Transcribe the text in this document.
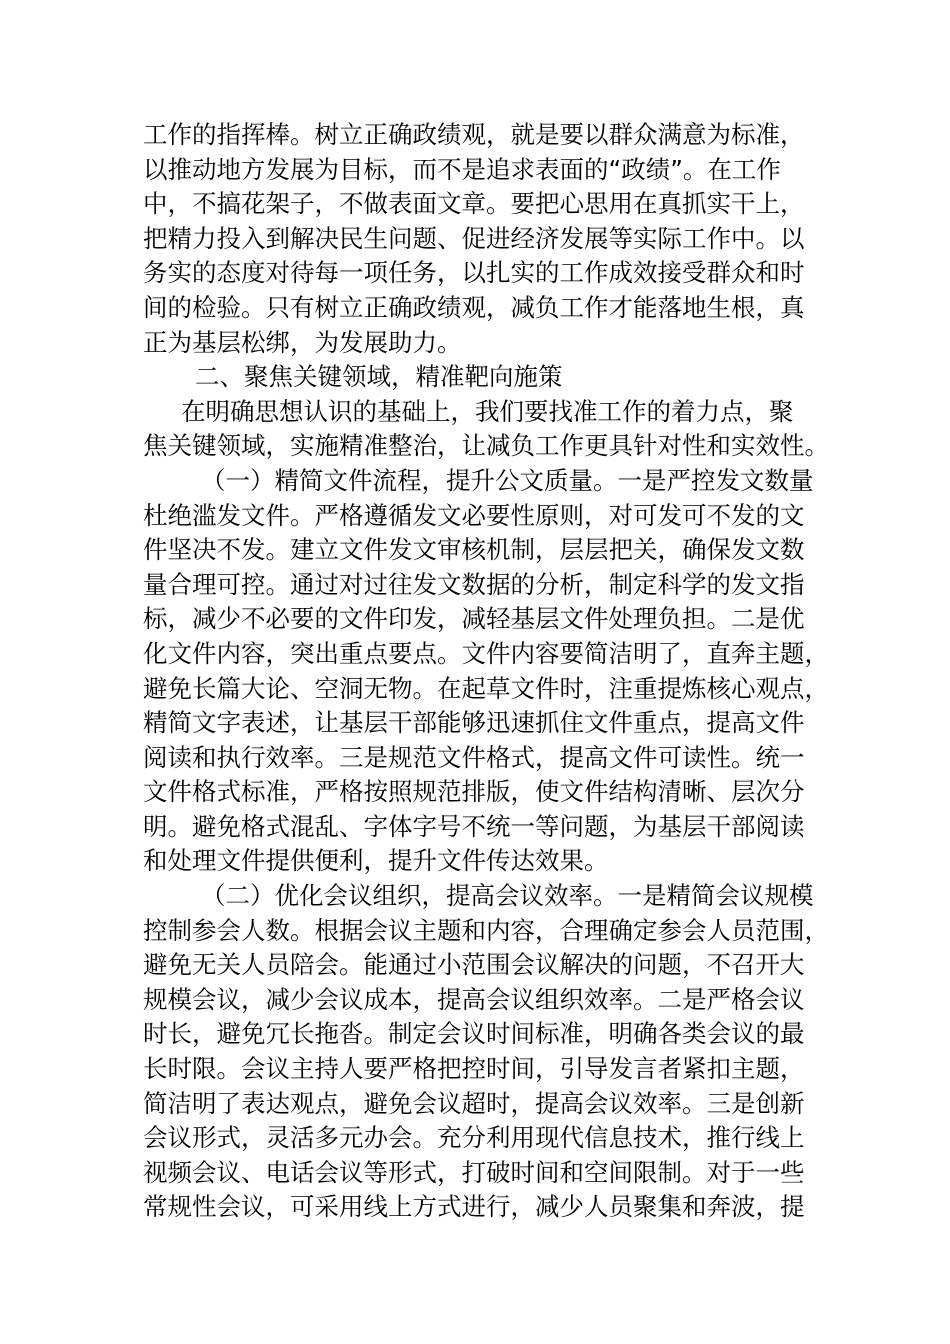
工作的指挥棒。树立正确政绩观，就是要以群众满意为标准，
以推动地方发展为目标，而不是追求表面的“政绩”。在工作
中，不搞花架子，不做表面文章。要把心思用在真抓实干上，
把精力投入到解决民生问题、促进经济发展等实际工作中。以
务实的态度对待每一项任务，以扎实的工作成效接受群众和时
间的检验。只有树立正确政绩观，减负工作才能落地生根，真
正为基层松绑，为发展助力。
二、聚焦关键领域，精准靶向施策
在明确思想认识的基础上，我们要找准工作的着力点，聚
焦关键领域，实施精准整治，让减负工作更具针对性和实效性。
（一）精简文件流程，提升公文质量。一是严控发文数量
杜绝滥发文件。严格遵循发文必要性原则，对可发可不发的文
件坚决不发。建立文件发文审核机制，层层把关，确保发文数
量合理可控。通过对过往发文数据的分析，制定科学的发文指
标，减少不必要的文件印发，减轻基层文件处理负担。二是优
化文件内容，突出重点要点。文件内容要简洁明了，直奔主题，
避免长篇大论、空洞无物。在起草文件时，注重提炼核心观点，
精简文字表述，让基层干部能够迅速抓住文件重点，提高文件
阅读和执行效率。三是规范文件格式，提高文件可读性。统一
文件格式标准，严格按照规范排版，使文件结构清晰、层次分
明。避免格式混乱、字体字号不统一等问题，为基层干部阅读
和处理文件提供便利，提升文件传达效果。
（二）优化会议组织，提高会议效率。一是精简会议规模
控制参会人数。根据会议主题和内容，合理确定参会人员范围，
避免无关人员陪会。能通过小范围会议解决的问题，不召开大
规模会议，减少会议成本，提高会议组织效率。二是严格会议
时长，避免冗长拖沓。制定会议时间标准，明确各类会议的最
长时限。会议主持人要严格把控时间，引导发言者紧扣主题，
简洁明了表达观点，避免会议超时，提高会议效率。三是创新
会议形式，灵活多元办会。充分利用现代信息技术，推行线上
视频会议、电话会议等形式，打破时间和空间限制。对于一些
常规性会议，可采用线上方式进行，减少人员聚集和奔波，提
